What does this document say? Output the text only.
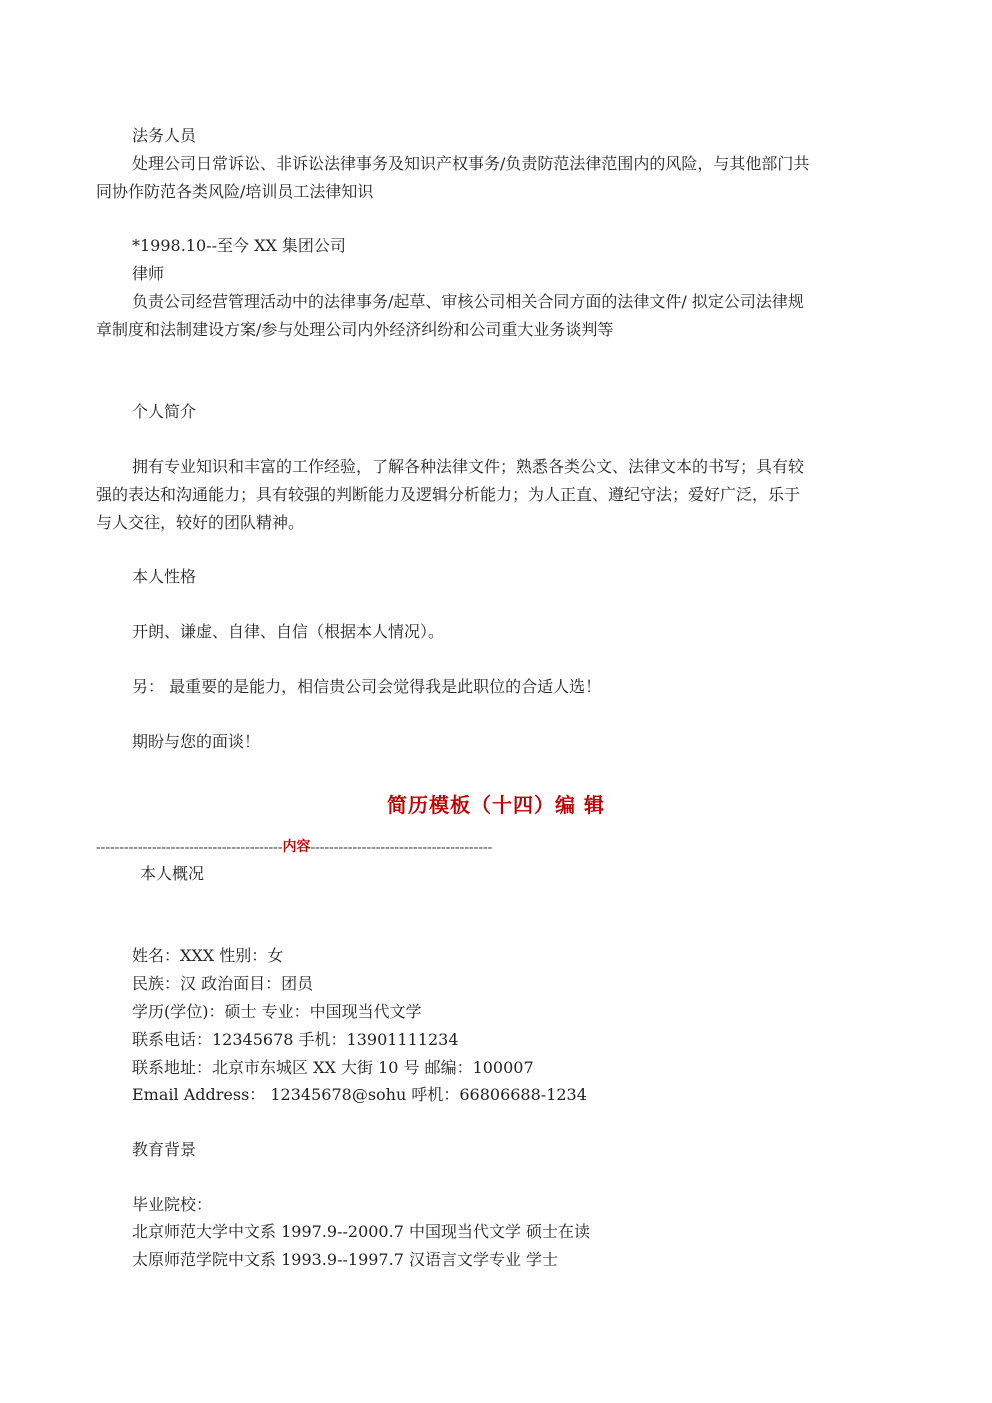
法务人员
处理公司日常诉讼、非诉讼法律事务及知识产权事务/负责防范法律范围内的风险，与其他部门共
同协作防范各类风险/培训员工法律知识
*1998.10--至今 XX 集团公司
律师
负责公司经营管理活动中的法律事务/起草、审核公司相关合同方面的法律文件/ 拟定公司法律规
章制度和法制建设方案/参与处理公司内外经济纠纷和公司重大业务谈判等
个人简介
拥有专业知识和丰富的工作经验，了解各种法律文件；熟悉各类公文、法律文本的书写；具有较
强的表达和沟通能力；具有较强的判断能力及逻辑分析能力；为人正直、遵纪守法；爱好广泛，乐于
与人交往，较好的团队精神。
本人性格
开朗、谦虚、自律、自信（根据本人情况）。
另： 最重要的是能力，相信贵公司会觉得我是此职位的合适人选！
期盼与您的面谈！
简历模板（十四）编 辑
----------------------------------------内容---------------------------------------
本人概况
姓名：XXX 性别：女
民族：汉 政治面目：团员
学历(学位)：硕士 专业：中国现当代文学
联系电话：12345678 手机：13901111234
联系地址：北京市东城区 XX 大街 10 号 邮编：100007
Email Address： 12345678@sohu 呼机：66806688-1234
教育背景
毕业院校：
北京师范大学中文系 1997.9--2000.7 中国现当代文学 硕士在读
太原师范学院中文系 1993.9--1997.7 汉语言文学专业 学士
